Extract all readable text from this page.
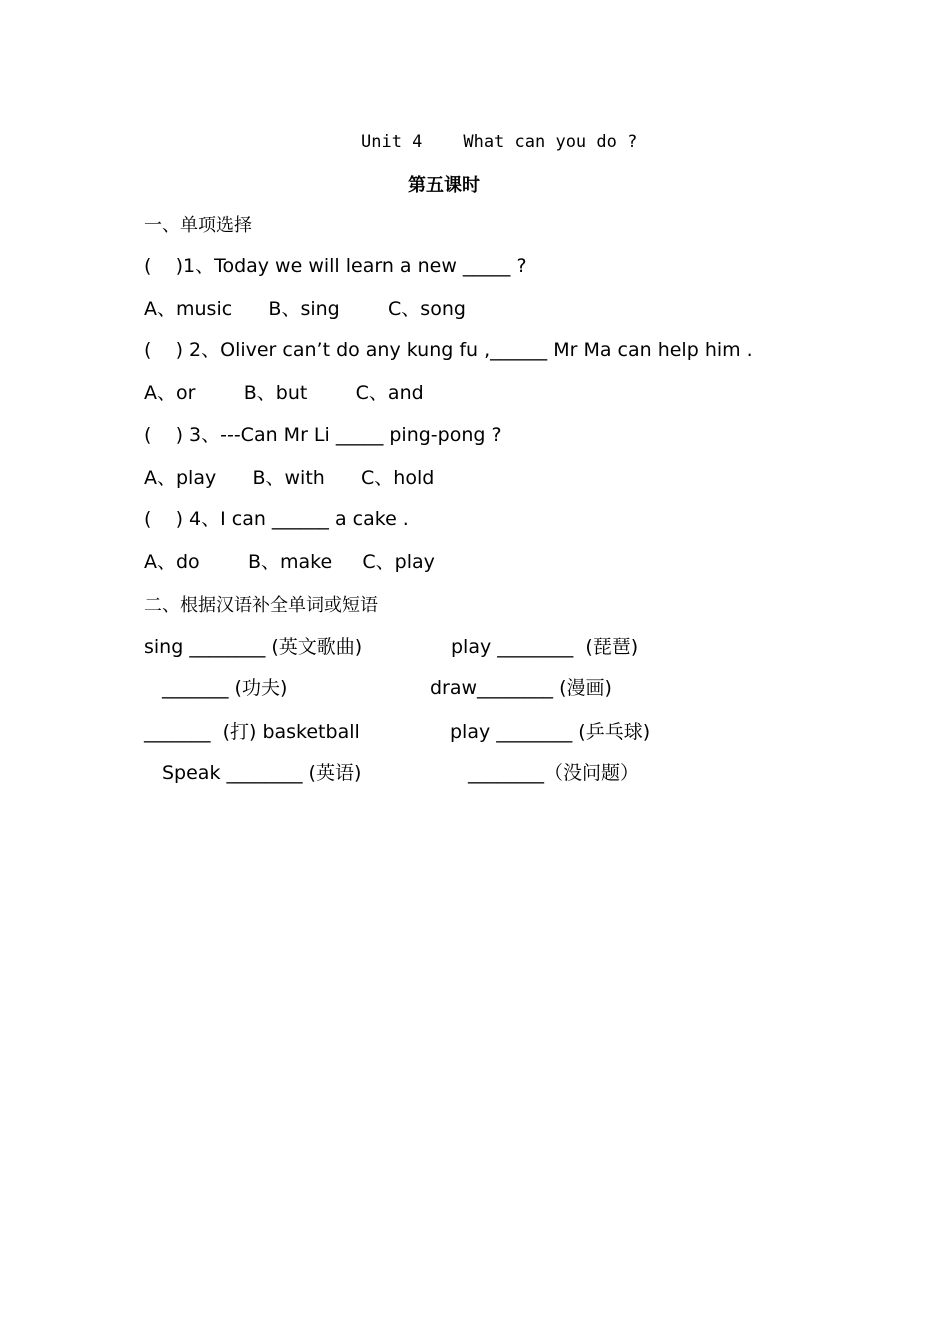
Unit 4    What can you do ?
第五课时
一、单项选择
(    )1、Today we will learn a new _____ ?
A、music      B、sing        C、song
(    ) 2、Oliver can’t do any kung fu ,______ Mr Ma can help him .
A、or        B、but        C、and
(    ) 3、---Can Mr Li _____ ping-pong ?
A、play      B、with      C、hold
(    ) 4、I can ______ a cake .
A、do        B、make     C、play
二、根据汉语补全单词或短语
sing ________ (英文歌曲)	play ________  (琵琶)
_______ (功夫)	draw________ (漫画)
_______  (打) basketball	play ________ (乒乓球)
Speak ________ (英语)	________（没问题）
